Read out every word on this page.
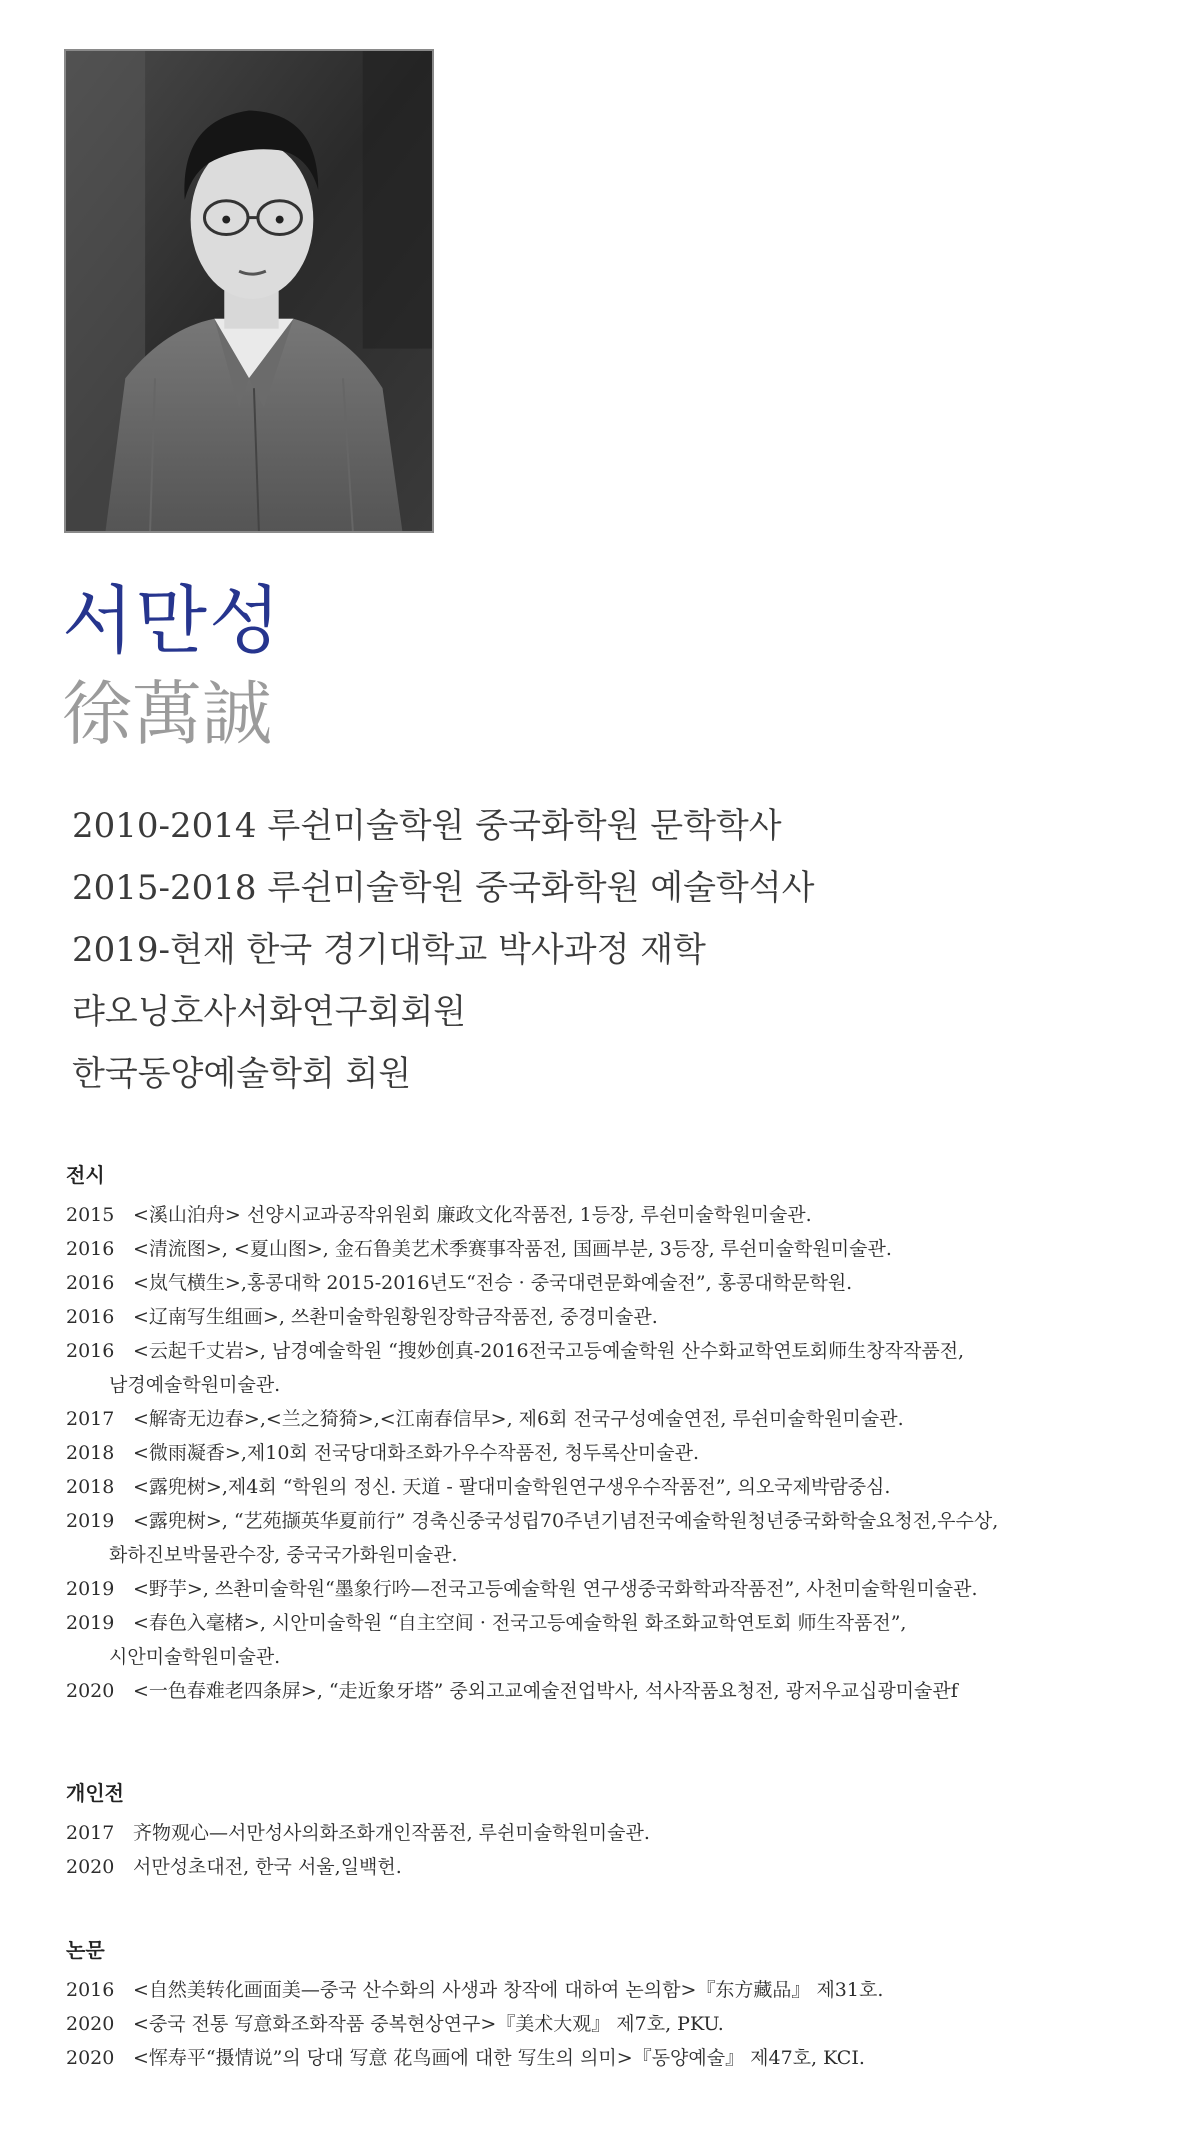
서만성
徐萬誠
2010-2014 루쉰미술학원 중국화학원 문학학사
2015-2018 루쉰미술학원 중국화학원 예술학석사
2019-현재 한국 경기대학교 박사과정 재학
랴오닝호사서화연구회회원
한국동양예술학회 회원
전시
2015 <溪山泊舟> 선양시교과공작위원회 廉政文化작품전, 1등장, 루쉰미술학원미술관.
2016 <清流图>, <夏山图>, 金石鲁美艺术季赛事작품전, 国画부분, 3등장, 루쉰미술학원미술관.
2016 <岚气横生>,홍콩대학 2015-2016년도“전승 · 중국대련문화예술전”, 홍콩대학문학원.
2016 <辽南写生组画>, 쓰촨미술학원황원장학금작품전, 중경미술관.
2016 <云起千丈岩>, 남경예술학원 “搜妙创真-2016전국고등예술학원 산수화교학연토회师生창작작품전,
남경예술학원미술관.
2017 <解寄无边春>,<兰之猗猗>,<江南春信早>, 제6회 전국구성예술연전, 루쉰미술학원미술관.
2018 <微雨凝香>,제10회 전국당대화조화가우수작품전, 청두록산미술관.
2018 <露兜树>,제4회 “학원의 정신. 天道 - 팔대미술학원연구생우수작품전”, 의오국제박람중심.
2019 <露兜树>, “艺苑撷英华夏前行” 경축신중국성립70주년기념전국예술학원청년중국화학술요청전,우수상,
화하진보박물관수장, 중국국가화원미술관.
2019 <野芋>, 쓰촨미술학원“墨象行吟—전국고등예술학원 연구생중국화학과작품전”, 사천미술학원미술관.
2019 <春色入毫楮>, 시안미술학원 “自主空间 · 전국고등예술학원 화조화교학연토회 师生작품전”,
시안미술학원미술관.
2020 <一色春难老四条屏>, “走近象牙塔” 중외고교예술전업박사, 석사작품요청전, 광저우교십광미술관f
개인전
2017 齐物观心—서만성사의화조화개인작품전, 루쉰미술학원미술관.
2020 서만성초대전, 한국 서울,일백헌.
논문
2016 <自然美转化画面美—중국 산수화의 사생과 창작에 대하여 논의함>『东方藏品』 제31호.
2020 <중국 전통 写意화조화작품 중복현상연구>『美术大观』 제7호, PKU.
2020 <恽寿平“摄情说”의 당대 写意 花鸟画에 대한 写生의 의미>『동양예술』 제47호, KCI.
